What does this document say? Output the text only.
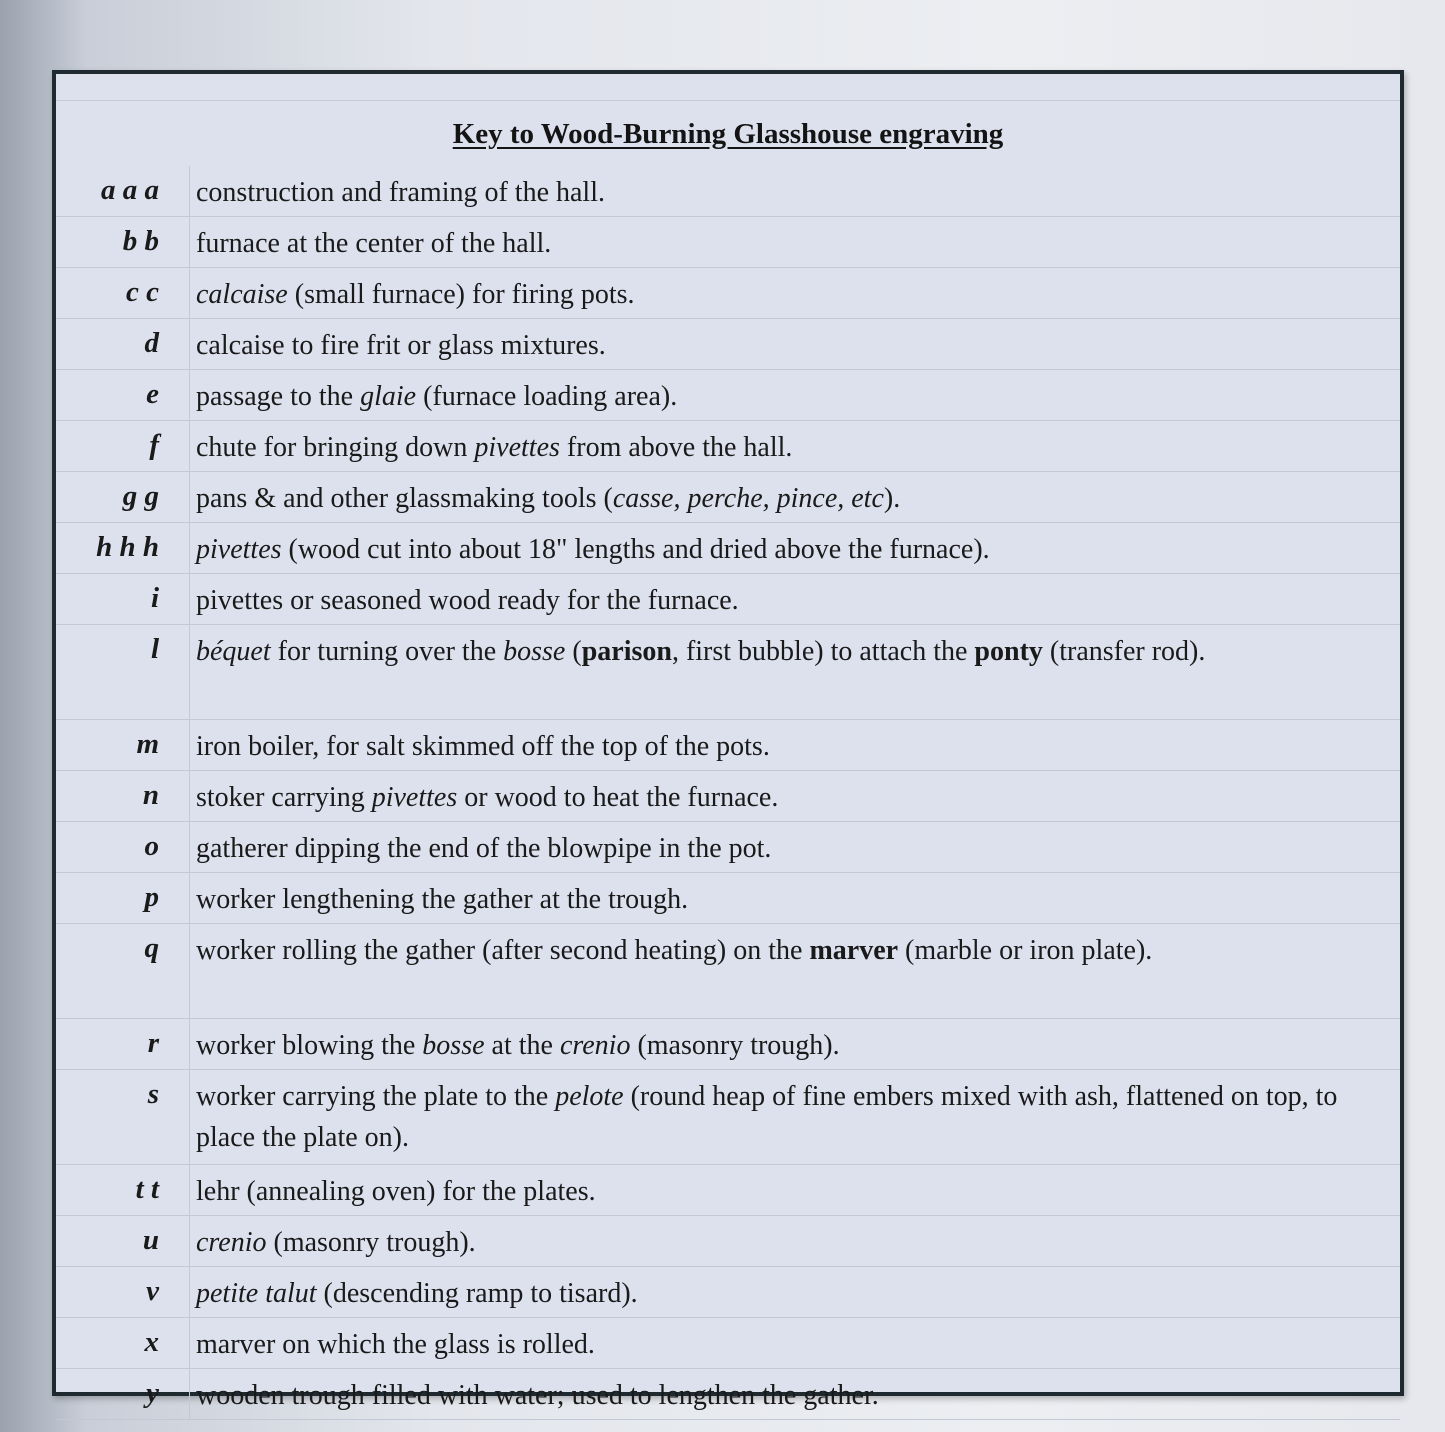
Key to Wood-Burning Glasshouse engraving
a a a	construction and framing of the hall.
b b	furnace at the center of the hall.
c c	calcaise (small furnace) for firing pots.
d	calcaise to fire frit or glass mixtures.
e	passage to the glaie (furnace loading area).
f	chute for bringing down pivettes from above the hall.
g g	pans & and other glassmaking tools (casse, perche, pince, etc).
h h h	pivettes (wood cut into about 18" lengths and dried above the furnace).
i	pivettes or seasoned wood ready for the furnace.
l	béquet for turning over the bosse (parison, first bubble) to attach the ponty (transfer rod).
m	iron boiler, for salt skimmed off the top of the pots.
n	stoker carrying pivettes or wood to heat the furnace.
o	gatherer dipping the end of the blowpipe in the pot.
p	worker lengthening the gather at the trough.
q	worker rolling the gather (after second heating) on the marver (marble or iron plate).
r	worker blowing the bosse at the crenio (masonry trough).
s	worker carrying the plate to the pelote (round heap of fine embers mixed with ash, flattened on top, to place the plate on).
t t	lehr (annealing oven) for the plates.
u	crenio (masonry trough).
v	petite talut (descending ramp to tisard).
x	marver on which the glass is rolled.
y	wooden trough filled with water; used to lengthen the gather.
